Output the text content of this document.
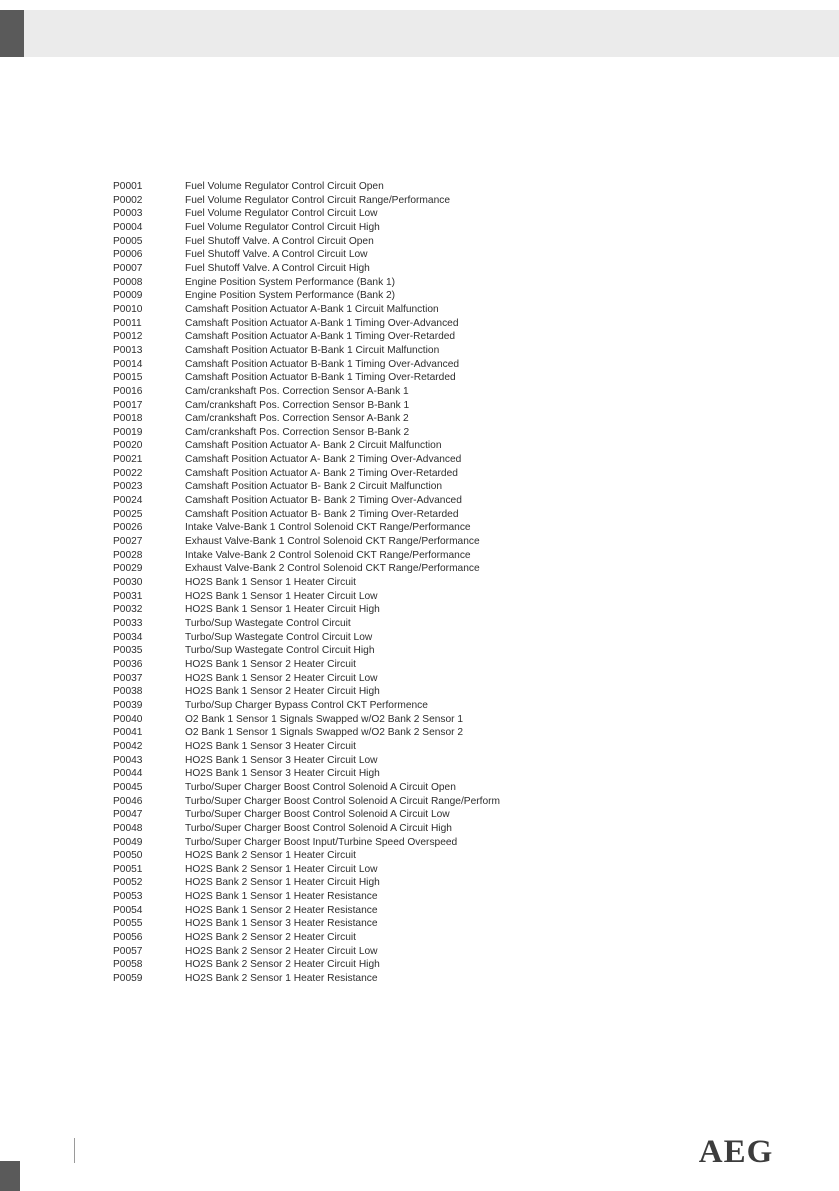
P0001	Fuel Volume Regulator Control Circuit Open
P0002	Fuel Volume Regulator Control Circuit Range/Performance
P0003	Fuel Volume Regulator Control Circuit Low
P0004	Fuel Volume Regulator Control Circuit High
P0005	Fuel Shutoff Valve. A Control Circuit Open
P0006	Fuel Shutoff Valve. A Control Circuit Low
P0007	Fuel Shutoff Valve. A Control Circuit High
P0008	Engine Position System Performance (Bank 1)
P0009	Engine Position System Performance (Bank 2)
P0010	Camshaft Position Actuator A-Bank 1 Circuit Malfunction
P0011	Camshaft Position Actuator A-Bank 1 Timing Over-Advanced
P0012	Camshaft Position Actuator A-Bank 1 Timing Over-Retarded
P0013	Camshaft Position Actuator B-Bank 1 Circuit Malfunction
P0014	Camshaft Position Actuator B-Bank 1 Timing Over-Advanced
P0015	Camshaft Position Actuator B-Bank 1 Timing Over-Retarded
P0016	Cam/crankshaft Pos. Correction Sensor A-Bank 1
P0017	Cam/crankshaft Pos. Correction Sensor B-Bank 1
P0018	Cam/crankshaft Pos. Correction Sensor A-Bank 2
P0019	Cam/crankshaft Pos. Correction Sensor B-Bank 2
P0020	Camshaft Position Actuator A- Bank 2 Circuit Malfunction
P0021	Camshaft Position Actuator A- Bank 2 Timing Over-Advanced
P0022	Camshaft Position Actuator A- Bank 2 Timing Over-Retarded
P0023	Camshaft Position Actuator B- Bank 2 Circuit Malfunction
P0024	Camshaft Position Actuator B- Bank 2 Timing Over-Advanced
P0025	Camshaft Position Actuator B- Bank 2 Timing Over-Retarded
P0026	Intake Valve-Bank 1 Control Solenoid CKT Range/Performance
P0027	Exhaust Valve-Bank 1 Control Solenoid CKT Range/Performance
P0028	Intake Valve-Bank 2 Control Solenoid CKT Range/Performance
P0029	Exhaust Valve-Bank 2 Control Solenoid CKT Range/Performance
P0030	HO2S Bank 1 Sensor 1 Heater Circuit
P0031	HO2S Bank 1 Sensor 1 Heater Circuit Low
P0032	HO2S Bank 1 Sensor 1 Heater Circuit High
P0033	Turbo/Sup Wastegate Control Circuit
P0034	Turbo/Sup Wastegate Control Circuit Low
P0035	Turbo/Sup Wastegate Control Circuit High
P0036	HO2S Bank 1 Sensor 2 Heater Circuit
P0037	HO2S Bank 1 Sensor 2 Heater Circuit Low
P0038	HO2S Bank 1 Sensor 2 Heater Circuit High
P0039	Turbo/Sup Charger Bypass Control CKT Performence
P0040	O2 Bank 1 Sensor 1 Signals Swapped w/O2 Bank 2 Sensor 1
P0041	O2 Bank 1 Sensor 1 Signals Swapped w/O2 Bank 2 Sensor 2
P0042	HO2S Bank 1 Sensor 3 Heater Circuit
P0043	HO2S Bank 1 Sensor 3 Heater Circuit Low
P0044	HO2S Bank 1 Sensor 3 Heater Circuit High
P0045	Turbo/Super Charger Boost Control Solenoid A Circuit Open
P0046	Turbo/Super Charger Boost Control Solenoid A Circuit Range/Perform
P0047	Turbo/Super Charger Boost Control Solenoid A Circuit Low
P0048	Turbo/Super Charger Boost Control Solenoid A Circuit High
P0049	Turbo/Super Charger Boost Input/Turbine Speed Overspeed
P0050	HO2S Bank 2 Sensor 1 Heater Circuit
P0051	HO2S Bank 2 Sensor 1 Heater Circuit Low
P0052	HO2S Bank 2 Sensor 1 Heater Circuit High
P0053	HO2S Bank 1 Sensor 1 Heater Resistance
P0054	HO2S Bank 1 Sensor 2 Heater Resistance
P0055	HO2S Bank 1 Sensor 3 Heater Resistance
P0056	HO2S Bank 2 Sensor 2 Heater Circuit
P0057	HO2S Bank 2 Sensor 2 Heater Circuit Low
P0058	HO2S Bank 2 Sensor 2 Heater Circuit High
P0059	HO2S Bank 2 Sensor 1 Heater Resistance
AEG
